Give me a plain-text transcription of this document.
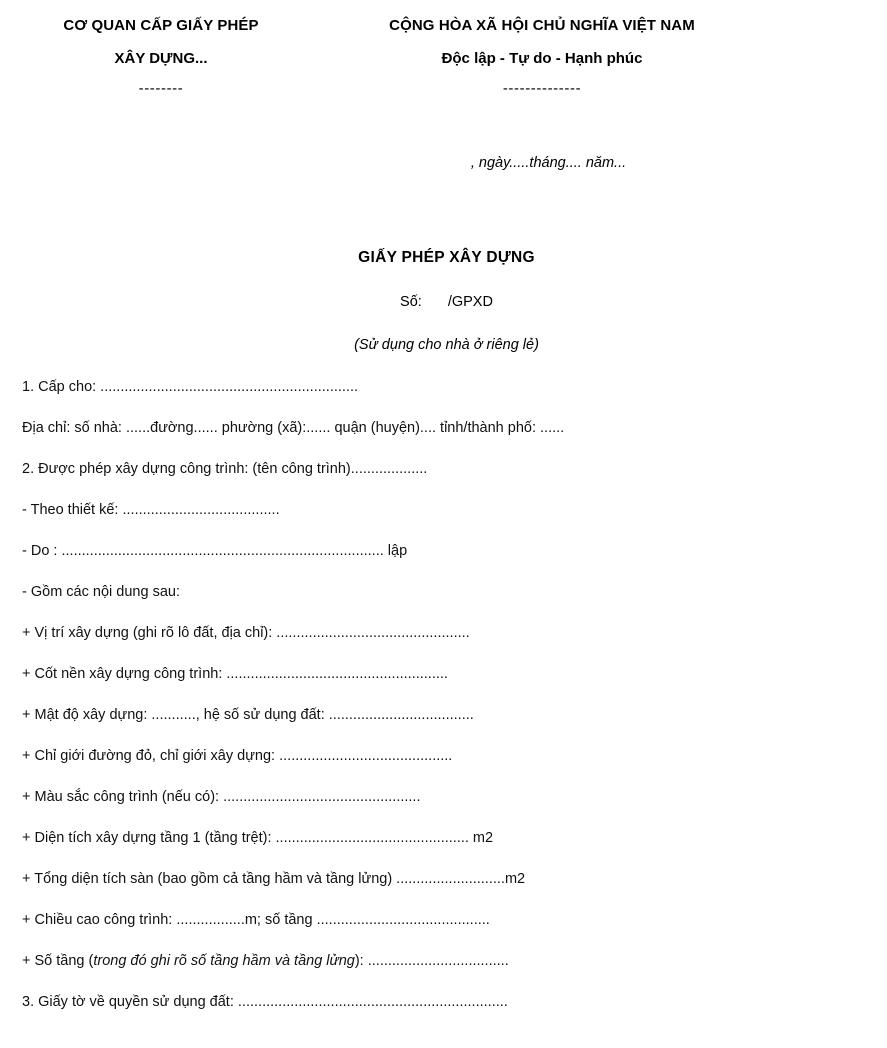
CƠ QUAN CẤP GIẤY PHÉP
XÂY DỰNG...
--------
CỘNG HÒA XÃ HỘI CHỦ NGHĨA VIỆT NAM
Độc lập - Tự do - Hạnh phúc
--------------
, ngày.....tháng.... năm...
GIẤY PHÉP XÂY DỰNG
Số: /GPXD
(Sử dụng cho nhà ở riêng lẻ)
1. Cấp cho: ................................................................
Địa chỉ: số nhà: ......đường...... phường (xã):...... quận (huyện).... tỉnh/thành phố: ......
2. Được phép xây dựng công trình: (tên công trình)...................
- Theo thiết kế: .......................................
- Do : ................................................................................ lập
- Gồm các nội dung sau:
+ Vị trí xây dựng (ghi rõ lô đất, địa chỉ): ................................................
+ Cốt nền xây dựng công trình: .......................................................
+ Mật độ xây dựng: ..........., hệ số sử dụng đất: ....................................
+ Chỉ giới đường đỏ, chỉ giới xây dựng: ...........................................
+ Màu sắc công trình (nếu có): .................................................
+ Diện tích xây dựng tầng 1 (tầng trệt): ................................................ m2
+ Tổng diện tích sàn (bao gồm cả tầng hầm và tầng lửng) ...........................m2
+ Chiều cao công trình: .................m; số tầng ...........................................
+ Số tầng (trong đó ghi rõ số tầng hầm và tầng lửng): ...................................
3. Giấy tờ về quyền sử dụng đất: ...................................................................
